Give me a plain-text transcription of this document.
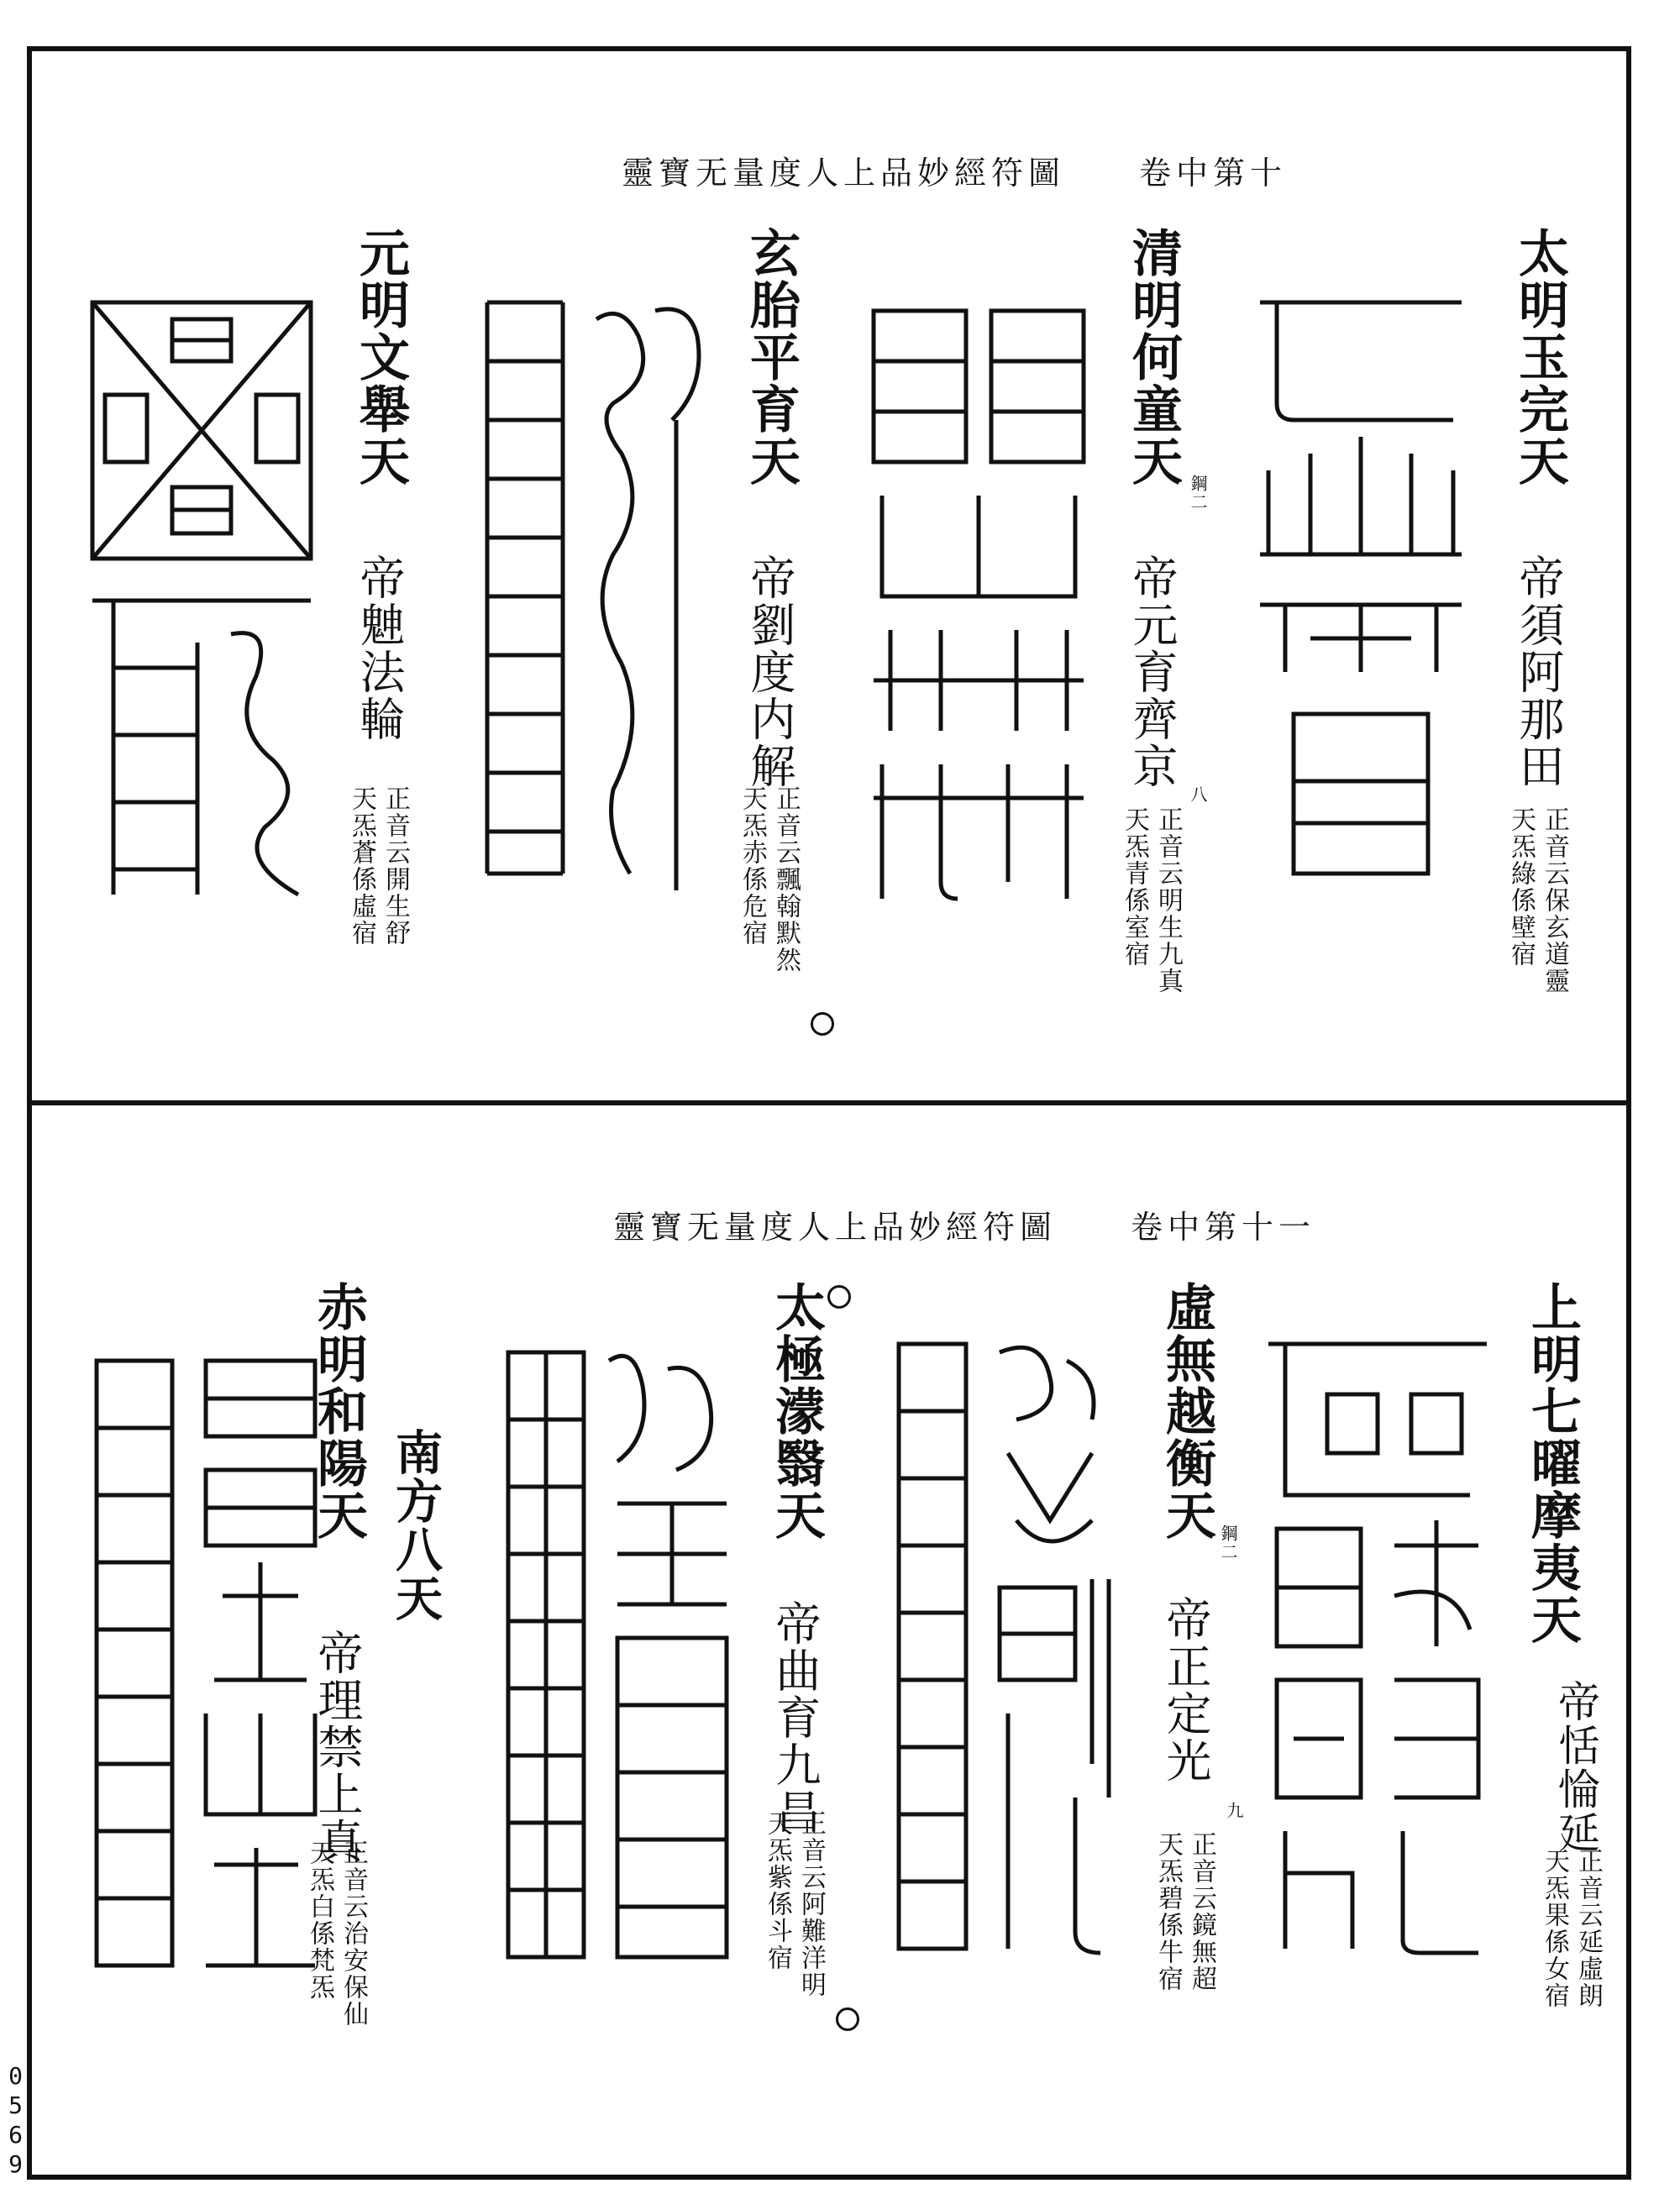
靈寶无量度人上品妙經符圖　　卷中第十
太明玉完天
帝須阿那田
正音云保玄道靈
天炁綠係壁宿
清明何童天
鋼二
帝元育齊京
正音云明生九真
天炁青係室宿
八
玄胎平育天
帝劉度内解
正音云飄翰默然
天炁赤係危宿
元明文舉天
帝䰠法輪
正音云開生舒
天炁蒼係虛宿
靈寶无量度人上品妙經符圖　　卷中第十一
上明七曜摩夷天
帝恬惀延
正音云延虛朗
天炁果係女宿
虛無越衡天
鋼二
帝正定光
正音云鏡無超
天炁碧係牛宿
九
太極濛翳天
帝曲育九昌
正音云阿難洋明
天炁紫係斗宿
赤明和陽天 南方八天
帝理禁上真
正音云治安保仙
天炁白係梵炁
0569
